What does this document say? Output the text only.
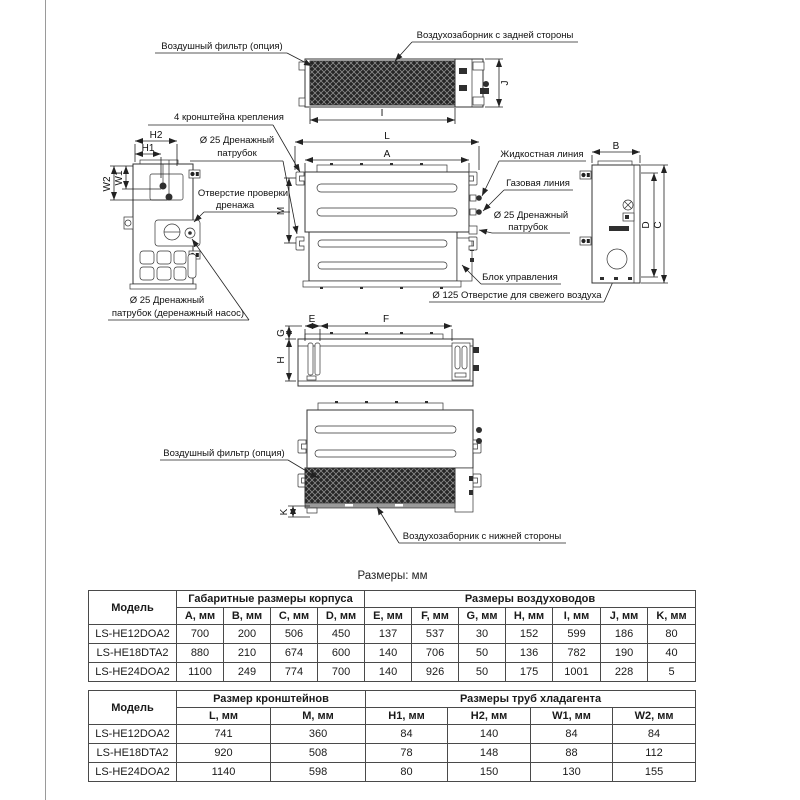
I
J
Воздушный фильтр (опция)
Воздухозаборник с задней стороны
4 кронштейна крепления
Ø 25 Дренажный
патрубок
L
A
M
Жидкостная линия
Газовая линия
Ø 25 Дренажный
патрубок
Блок управления
Ø 125 Отверстие для свежего воздуха
H2
H1
W1
W2
Отверстие проверки
дренажа
Ø 25 Дренажный
патрубок (деренажный насос)
B
D C
E	F
G
H
K
Воздушный фильтр (опция)
Воздухозаборник с нижней стороны
Размеры: мм
Модель	Габаритные размеры корпуса				Размеры воздуховодов						
	A, мм	B, мм	C, мм	D, мм	E, мм	F, мм	G, мм	H, мм	I, мм	J, мм	K, мм
LS-HE12DOA2	700	200	506	450	137	537	30	152	599	186	80
LS-HE18DTA2	880	210	674	600	140	706	50	136	782	190	40
LS-HE24DOA2	1100	249	774	700	140	926	50	175	1001	228	5
Модель	Размер кронштейнов		Размеры труб хладагента			
	L, мм	M, мм	H1, мм	H2, мм	W1, мм	W2, мм
LS-HE12DOA2	741	360	84	140	84	84
LS-HE18DTA2	920	508	78	148	88	112
LS-HE24DOA2	1140	598	80	150	130	155
